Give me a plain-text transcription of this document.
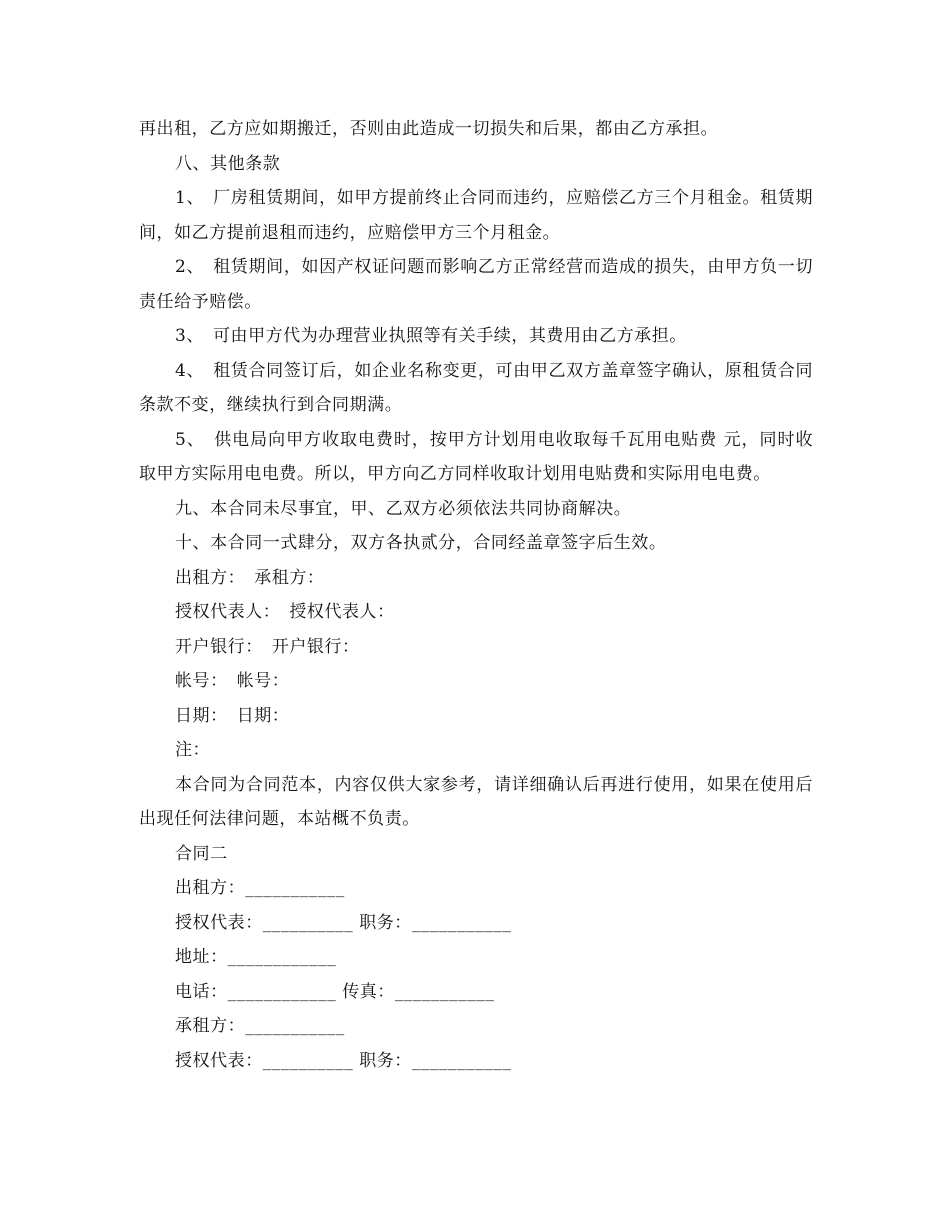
再出租，乙方应如期搬迁，否则由此造成一切损失和后果，都由乙方承担。

八、其他条款

1、　厂房租赁期间，如甲方提前终止合同而违约，应赔偿乙方三个月租金。租赁期间，如乙方提前退租而违约，应赔偿甲方三个月租金。

2、　租赁期间，如因产权证问题而影响乙方正常经营而造成的损失，由甲方负一切责任给予赔偿。

3、　可由甲方代为办理营业执照等有关手续，其费用由乙方承担。

4、　租赁合同签订后，如企业名称变更，可由甲乙双方盖章签字确认，原租赁合同条款不变，继续执行到合同期满。

5、　供电局向甲方收取电费时，按甲方计划用电收取每千瓦用电贴费 元，同时收取甲方实际用电电费。所以，甲方向乙方同样收取计划用电贴费和实际用电电费。

九、本合同未尽事宜，甲、乙双方必须依法共同协商解决。

十、本合同一式肆分，双方各执贰分，合同经盖章签字后生效。

出租方：　承租方：

授权代表人：　授权代表人：

开户银行：　开户银行：

帐号：　帐号：

日期：　日期：

注：

本合同为合同范本，内容仅供大家参考，请详细确认后再进行使用，如果在使用后出现任何法律问题，本站概不负责。

合同二

出租方：___________

授权代表：__________ 职务：___________

地址：____________

电话：____________ 传真：___________

承租方：___________

授权代表：__________ 职务：___________
